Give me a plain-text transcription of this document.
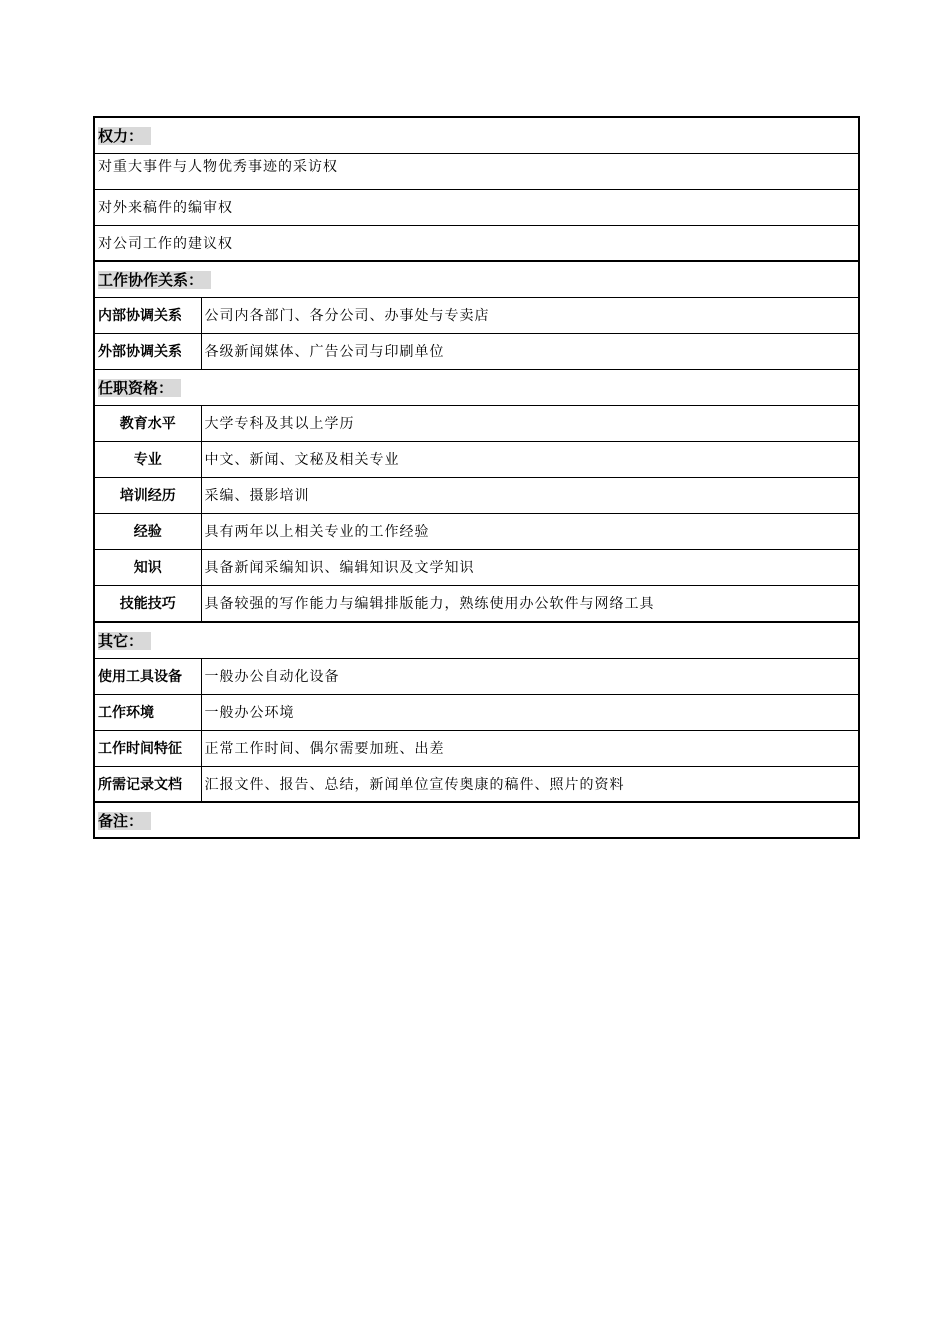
权力：	
对重大事件与人物优秀事迹的采访权	
对外来稿件的编审权	
对公司工作的建议权	
工作协作关系：	
内部协调关系	公司内各部门、各分公司、办事处与专卖店
外部协调关系	各级新闻媒体、广告公司与印刷单位
任职资格：	
教育水平	大学专科及其以上学历
专业	中文、新闻、文秘及相关专业
培训经历	采编、摄影培训
经验	具有两年以上相关专业的工作经验
知识	具备新闻采编知识、编辑知识及文学知识
技能技巧	具备较强的写作能力与编辑排版能力，熟练使用办公软件与网络工具
其它：	
使用工具设备	一般办公自动化设备
工作环境	一般办公环境
工作时间特征	正常工作时间、偶尔需要加班、出差
所需记录文档	汇报文件、报告、总结，新闻单位宣传奥康的稿件、照片的资料
备注：	
